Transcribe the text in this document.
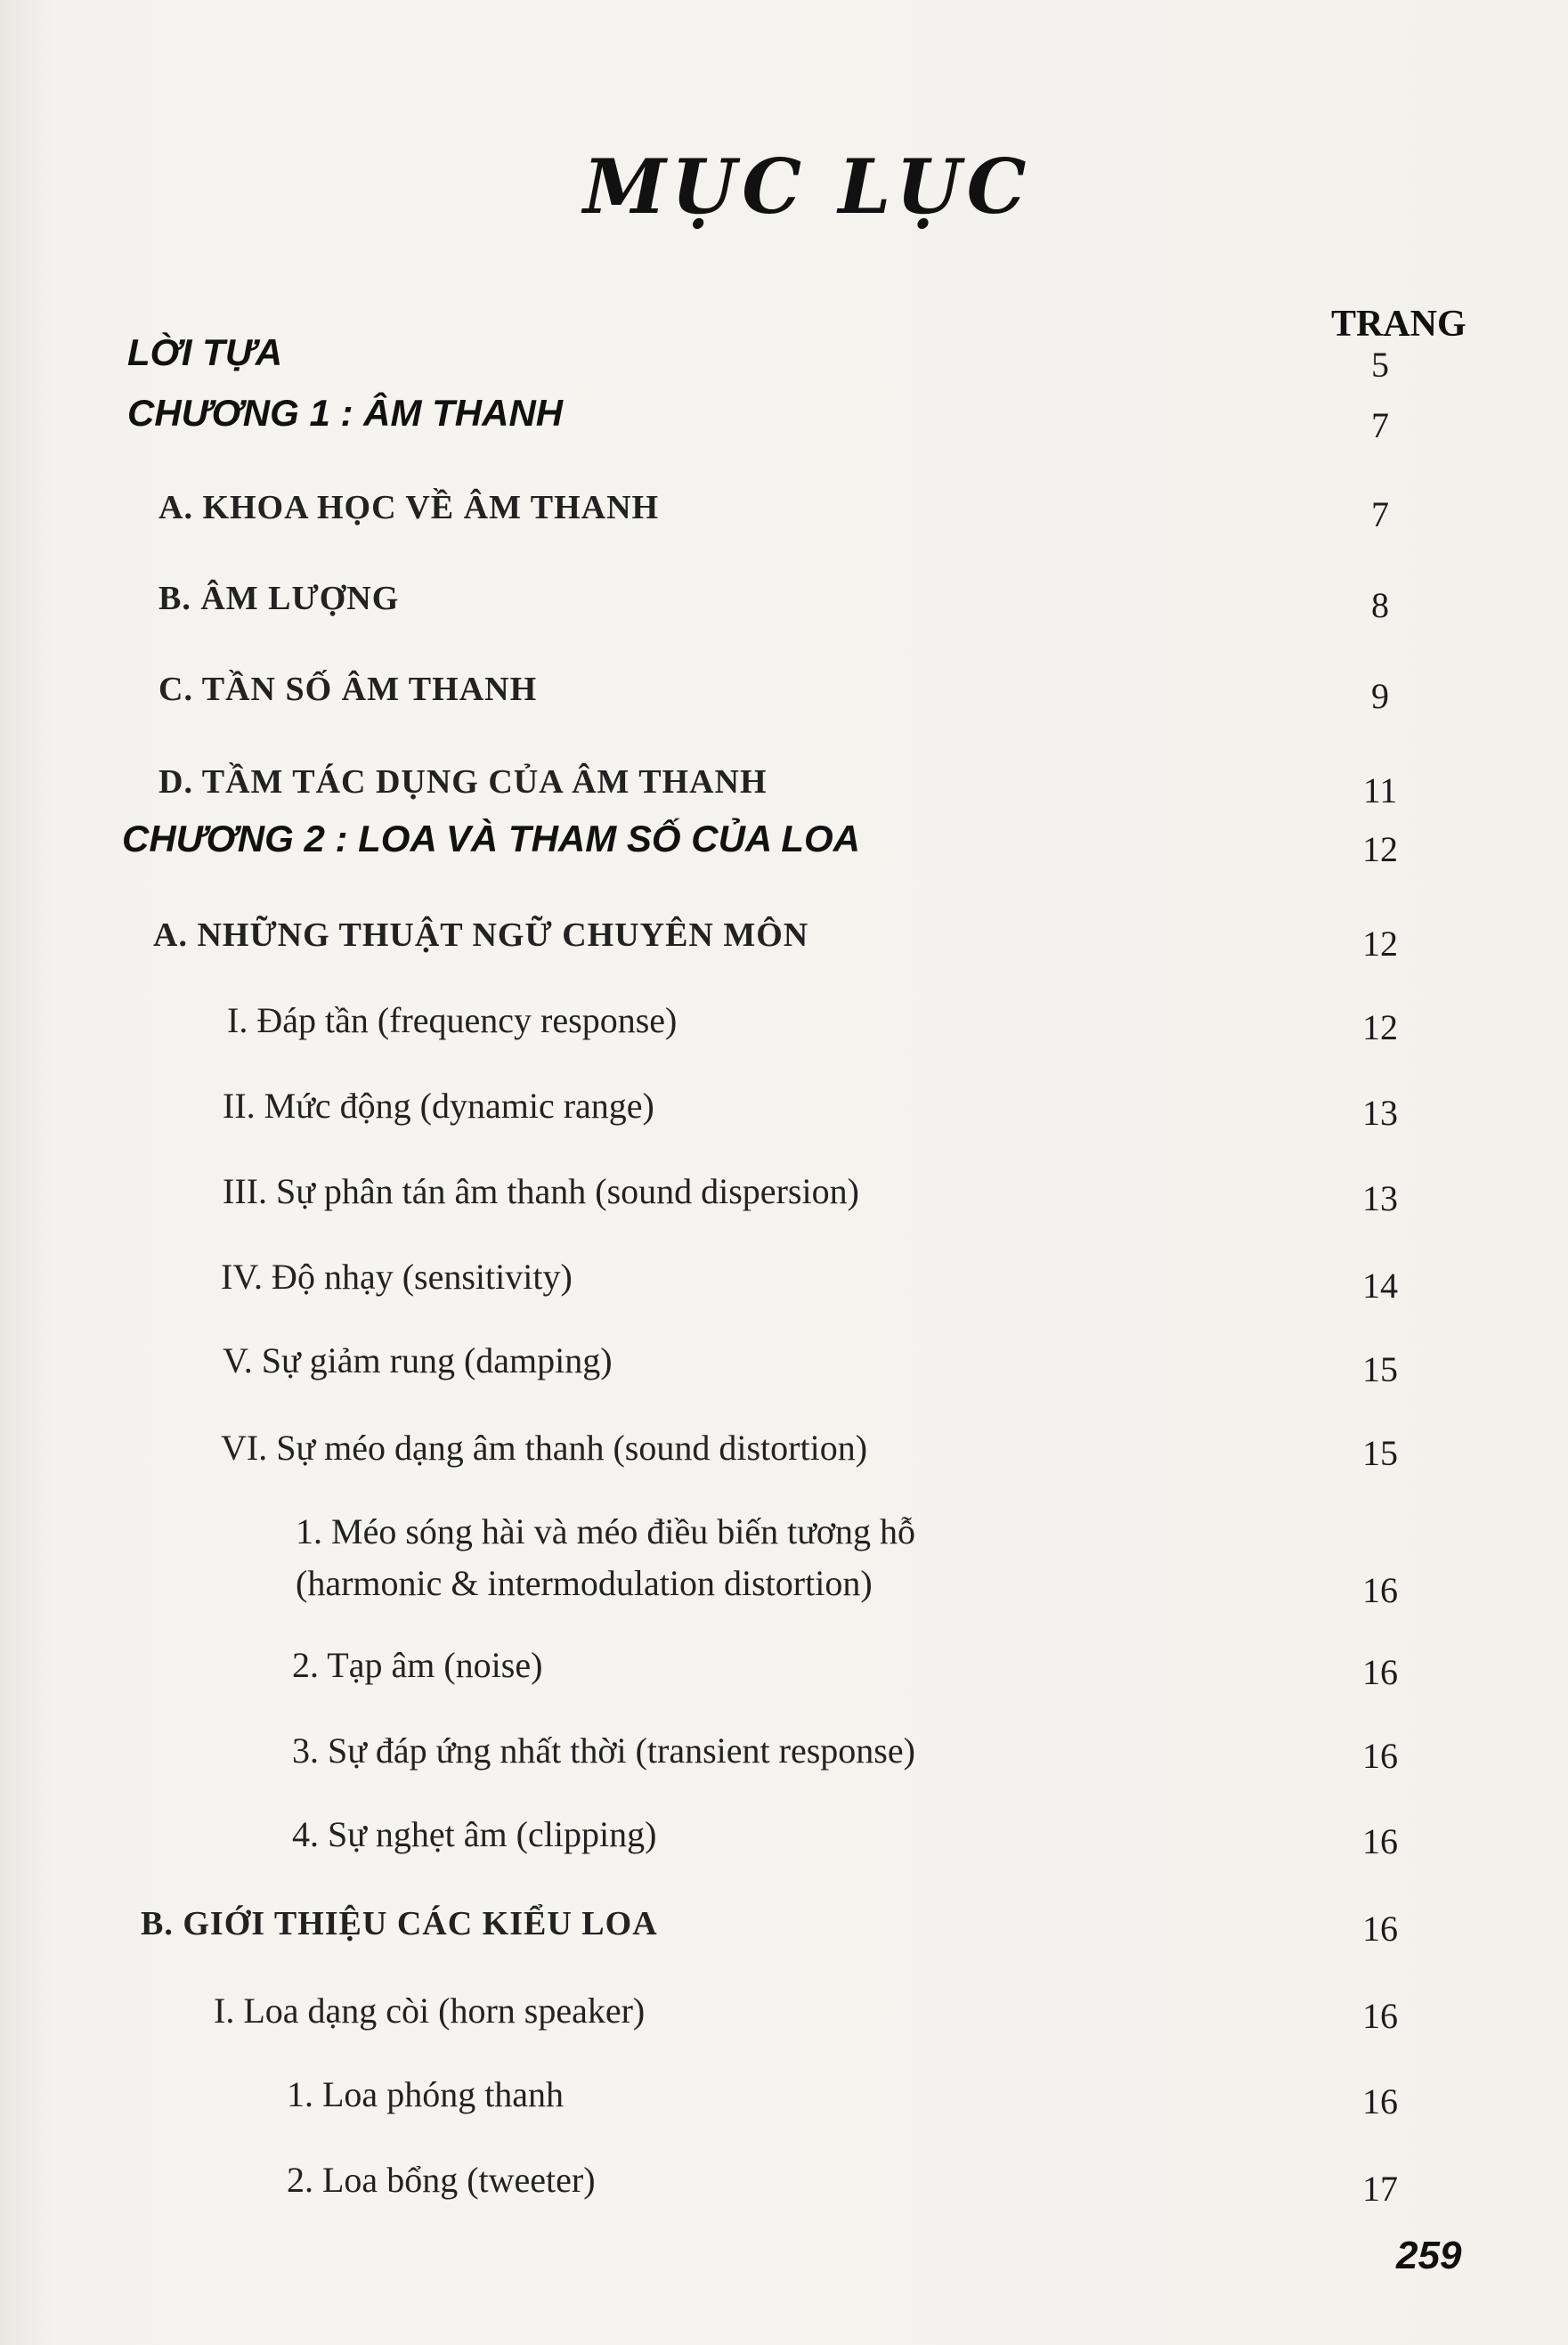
MỤC LỤC
TRANG
LỜI TỰA	5
CHƯƠNG 1 : ÂM THANH	7
A. KHOA HỌC VỀ ÂM THANH	7
B. ÂM LƯỢNG	8
C. TẦN SỐ ÂM THANH	9
D. TẦM TÁC DỤNG CỦA ÂM THANH	11
CHƯƠNG 2 : LOA VÀ THAM SỐ CỦA LOA	12
A. NHỮNG THUẬT NGỮ CHUYÊN MÔN	12
I. Đáp tần (frequency response)	12
II. Mức động (dynamic range)	13
III. Sự phân tán âm thanh (sound dispersion)	13
IV. Độ nhạy (sensitivity)	14
V. Sự giảm rung (damping)	15
VI. Sự méo dạng âm thanh (sound distortion)	15
1. Méo sóng hài và méo điều biến tương hỗ
(harmonic & intermodulation distortion)	16
2. Tạp âm (noise)	16
3. Sự đáp ứng nhất thời (transient response)	16
4. Sự nghẹt âm (clipping)	16
B. GIỚI THIỆU CÁC KIỂU LOA	16
I. Loa dạng còi (horn speaker)	16
1. Loa phóng thanh	16
2. Loa bổng (tweeter)	17
259
